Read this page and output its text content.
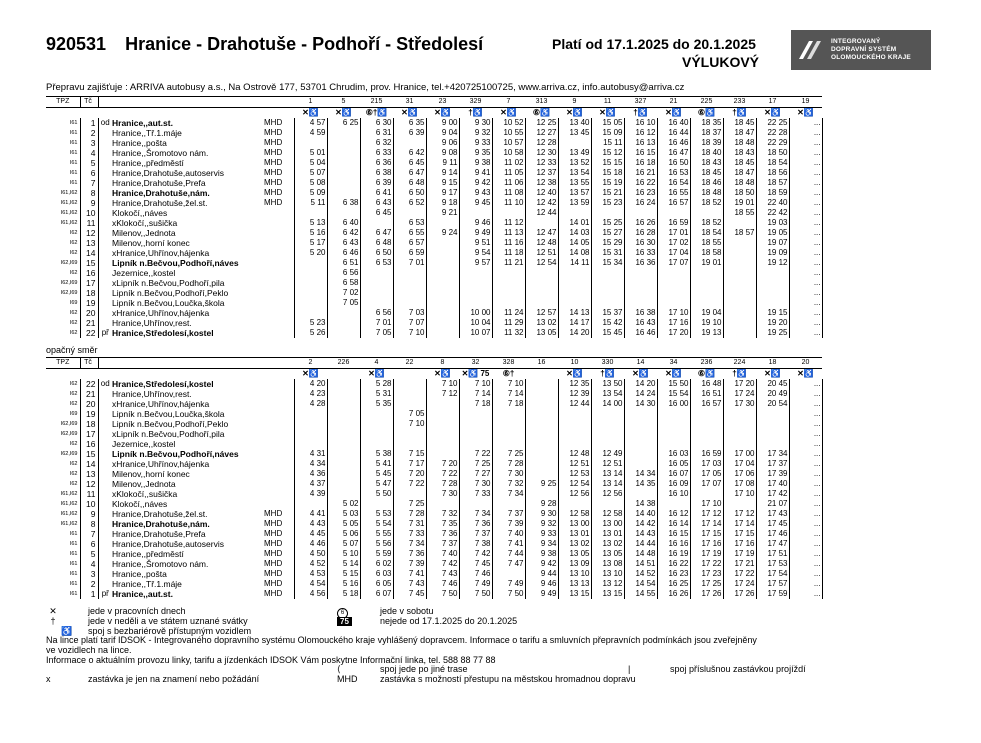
920531 Hranice - Drahotuše - Podhoří - Středolesí	Platí od 17.1.2025 do 20.1.2025
VÝLUKOVÝ
INTEGROVANÝ
DOPRAVNÍ SYSTÉM
OLOMOUCKÉHO KRAJE
Přepravu zajišťuje : ARRIVA autobusy a.s., Na Ostrově 177, 53701 Chrudim, prov. Hranice, tel.+420725100725, www.arriva.cz, info.autobusy@arriva.cz
TPZ	Tč				1	5	215	31	23	329	7	313	9	11	327	21	225	233	17	19
					✕♿	✕♿	⑥†♿	✕♿	✕♿	†♿	✕♿	⑥♿	✕♿	✕♿	†♿	✕♿	⑥♿	†♿	✕♿	✕♿
I61	1	od	Hranice,,aut.st.	MHD	4 57	6 25	6 30	6 35	9 00	9 30	10 52	12 25	13 40	15 05	16 10	16 40	18 35	18 45	22 25	...
I61	2		Hranice,,Tř.1.máje	MHD	4 59		6 31	6 39	9 04	9 32	10 55	12 27	13 45	15 09	16 12	16 44	18 37	18 47	22 28	...
I61	3		Hranice,,pošta	MHD			6 32		9 06	9 33	10 57	12 28		15 11	16 13	16 46	18 39	18 48	22 29	...
I61	4		Hranice,,Šromotovo nám.	MHD	5 01		6 33	6 42	9 08	9 35	10 58	12 30	13 49	15 12	16 15	16 47	18 40	18 43	18 50	...
I61	5		Hranice,,předměstí	MHD	5 04		6 36	6 45	9 11	9 38	11 02	12 33	13 52	15 15	16 18	16 50	18 43	18 45	18 54	...
I61	6		Hranice,Drahotuše,autoservis	MHD	5 07		6 38	6 47	9 14	9 41	11 05	12 37	13 54	15 18	16 21	16 53	18 45	18 47	18 56	...
I61	7		Hranice,Drahotuše,Prefa	MHD	5 08		6 39	6 48	9 15	9 42	11 06	12 38	13 55	15 19	16 22	16 54	18 46	18 48	18 57	...
I61,I62	8		Hranice,Drahotuše,nám.	MHD	5 09		6 41	6 50	9 17	9 43	11 08	12 40	13 57	15 21	16 23	16 55	18 48	18 50	18 59	...
I61,I62	9		Hranice,Drahotuše,žel.st.	MHD	5 11	6 38	6 43	6 52	9 18	9 45	11 10	12 42	13 59	15 23	16 24	16 57	18 52	19 01	22 40	...
I61,I62	10		Klokočí,,náves				6 45		9 21			12 44						18 55	22 42	...
I61,I62	11		xKlokočí,,sušička		5 13	6 40		6 53		9 46	11 12		14 01	15 25	16 26	16 59	18 52		19 03	...
I62	12		Milenov,,Jednota		5 16	6 42	6 47	6 55	9 24	9 49	11 13	12 47	14 03	15 27	16 28	17 01	18 54	18 57	19 05	...
I62	13		Milenov,,horní konec		5 17	6 43	6 48	6 57		9 51	11 16	12 48	14 05	15 29	16 30	17 02	18 55		19 07	...
I62	14		xHranice,Uhřínov,hájenka		5 20	6 46	6 50	6 59		9 54	11 18	12 51	14 08	15 31	16 33	17 04	18 58		19 09	...
I62,I69	15		Lipník n.Bečvou,Podhoří,náves			6 51	6 53	7 01		9 57	11 21	12 54	14 11	15 34	16 36	17 07	19 01		19 12	...
I62	16		Jezernice,,kostel			6 56														...
I62,I69	17		xLipník n.Bečvou,Podhoří,pila			6 58														...
I62,I69	18		Lipník n.Bečvou,Podhoří,Peklo			7 02														...
I69	19		Lipník n.Bečvou,Loučka,škola			7 05														...
I62	20		xHranice,Uhřínov,hájenka				6 56	7 03		10 00	11 24	12 57	14 13	15 37	16 38	17 10	19 04		19 15	...
I62	21		Hranice,Uhřínov,rest.		5 23		7 01	7 07		10 04	11 29	13 02	14 17	15 42	16 43	17 16	19 10		19 20	...
I62	22	př	Hranice,Středolesí,kostel		5 26		7 05	7 10		10 07	11 32	13 05	14 20	15 45	16 46	17 20	19 13		19 25	...
opačný směr
TPZ	Tč				2	226	4	22	8	32	328	16	10	330	14	34	236	224	18	20
					✕♿		✕♿		✕♿	✕♿ 75	⑥†		✕♿	†♿	✕♿	✕♿	⑥♿	†♿	✕♿	✕♿
I62	22	od	Hranice,Středolesí,kostel		4 20		5 28		7 10	7 10	7 10		12 35	13 50	14 20	15 50	16 48	17 20	20 45	...
I62	21		Hranice,Uhřínov,rest.		4 23		5 31		7 12	7 14	7 14		12 39	13 54	14 24	15 54	16 51	17 24	20 49	...
I62	20		xHranice,Uhřínov,hájenka		4 28		5 35			7 18	7 18		12 44	14 00	14 30	16 00	16 57	17 30	20 54	...
I69	19		Lipník n.Bečvou,Loučka,škola					7 05												...
I62,I69	18		Lipník n.Bečvou,Podhoří,Peklo					7 10												...
I62,I69	17		xLipník n.Bečvou,Podhoří,pila																	...
I62	16		Jezernice,,kostel																	...
I62,I69	15		Lipník n.Bečvou,Podhoří,náves		4 31		5 38	7 15		7 22	7 25		12 48	12 49		16 03	16 59	17 00	17 34	...
I62	14		xHranice,Uhřínov,hájenka		4 34		5 41	7 17	7 20	7 25	7 28		12 51	12 51		16 05	17 03	17 04	17 37	...
I62	13		Milenov,,horní konec		4 36		5 45	7 20	7 22	7 27	7 30		12 53	13 14	14 34	16 07	17 05	17 06	17 39	...
I62	12		Milenov,,Jednota		4 37		5 47	7 22	7 28	7 30	7 32	9 25	12 54	13 14	14 35	16 09	17 07	17 08	17 40	...
I61,I62	11		xKlokočí,,sušička		4 39		5 50		7 30	7 33	7 34		12 56	12 56		16 10		17 10	17 42	...
I61,I62	10		Klokočí,,náves			5 02		7 25				9 28			14 38		17 10		21 07	...
I61,I62	9		Hranice,Drahotuše,žel.st.	MHD	4 41	5 03	5 53	7 28	7 32	7 34	7 37	9 30	12 58	12 58	14 40	16 12	17 12	17 12	17 43	...
I61,I62	8		Hranice,Drahotuše,nám.	MHD	4 43	5 05	5 54	7 31	7 35	7 36	7 39	9 32	13 00	13 00	14 42	16 14	17 14	17 14	17 45	...
I61	7		Hranice,Drahotuše,Prefa	MHD	4 45	5 06	5 55	7 33	7 36	7 37	7 40	9 33	13 01	13 01	14 43	16 15	17 15	17 15	17 46	...
I61	6		Hranice,Drahotuše,autoservis	MHD	4 46	5 07	5 56	7 34	7 37	7 38	7 41	9 34	13 02	13 02	14 44	16 16	17 16	17 16	17 47	...
I61	5		Hranice,,předměstí	MHD	4 50	5 10	5 59	7 36	7 40	7 42	7 44	9 38	13 05	13 05	14 48	16 19	17 19	17 19	17 51	...
I61	4		Hranice,,Šromotovo nám.	MHD	4 52	5 14	6 02	7 39	7 42	7 45	7 47	9 42	13 09	13 08	14 51	16 22	17 22	17 21	17 53	...
I61	3		Hranice,,pošta	MHD	4 53	5 15	6 03	7 41	7 43	7 46		9 44	13 10	13 10	14 52	16 23	17 23	17 22	17 54	...
I61	2		Hranice,,Tř.1.máje	MHD	4 54	5 16	6 05	7 43	7 46	7 49	7 49	9 46	13 13	13 12	14 54	16 25	17 25	17 24	17 57	...
I61	1	př	Hranice,,aut.st.	MHD	4 56	5 18	6 07	7 45	7 50	7 50	7 50	9 49	13 15	13 15	14 55	16 26	17 26	17 26	17 59	...
✕	jede v pracovních dnech
†	jede v neděli a ve státem uznané svátky
♿ spoj s bezbariérově přístupným vozidlem
6	jede v sobotu
75	nejede od 17.1.2025 do 20.1.2025
Na lince platí tarif IDSOK - Integrovaného dopravního systému Olomouckého kraje vyhlášený dopravcem. Informace o tarifu a smluvních přepravních podmínkách jsou zveřejněny
ve vozidlech na lince.
Informace o aktuálním provozu linky, tarifu a jízdenkách IDSOK Vám poskytne Informační linka, tel. 588 88 77 88
⟨	spoj jede po jiné trase	|	spoj příslušnou zastávkou projíždí
x	zastávka je jen na znamení nebo požádání	MHD	zastávka s možností přestupu na městskou hromadnou dopravu
